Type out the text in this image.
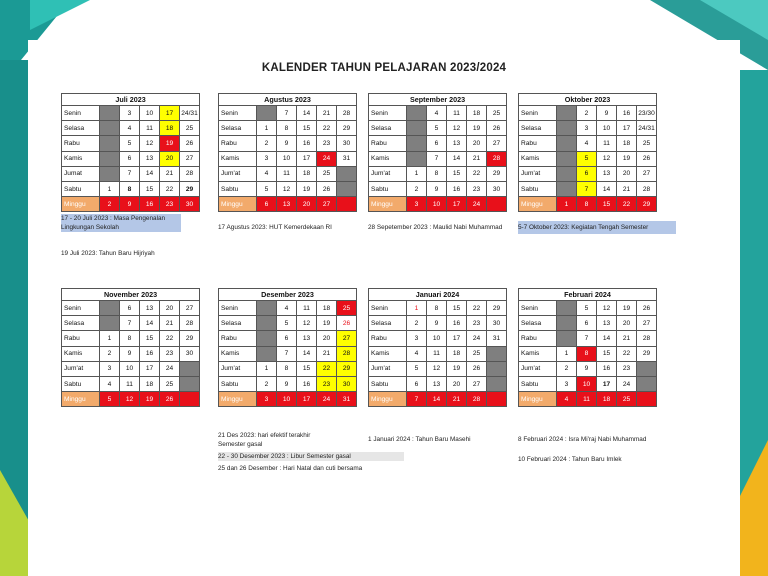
KALENDER TAHUN PELAJARAN 2023/2024
Juli 2023					
Senin		3	10	17	24/31
Selasa		4	11	18	25
Rabu		5	12	19	26
Kamis		6	13	20	27
Jumat		7	14	21	28
Sabtu	1	8	15	22	29
Minggu	2	9	16	23	30
Agustus 2023					
Senin		7	14	21	28
Selasa	1	8	15	22	29
Rabu	2	9	16	23	30
Kamis	3	10	17	24	31
Jum'at	4	11	18	25	
Sabtu	5	12	19	26	
Minggu	6	13	20	27	
September 2023					
Senin		4	11	18	25
Selasa		5	12	19	26
Rabu		6	13	20	27
Kamis		7	14	21	28
Jum'at	1	8	15	22	29
Sabtu	2	9	16	23	30
Minggu	3	10	17	24	
Oktober 2023					
Senin		2	9	16	23/30
Selasa		3	10	17	24/31
Rabu		4	11	18	25
Kamis		5	12	19	26
Jum'at		6	13	20	27
Sabtu		7	14	21	28
Minggu	1	8	15	22	29
November 2023					
Senin		6	13	20	27
Selasa		7	14	21	28
Rabu	1	8	15	22	29
Kamis	2	9	16	23	30
Jum'at	3	10	17	24	
Sabtu	4	11	18	25	
Minggu	5	12	19	26	
Desember 2023					
Senin		4	11	18	25
Selasa		5	12	19	26
Rabu		6	13	20	27
Kamis		7	14	21	28
Jum'at	1	8	15	22	29
Sabtu	2	9	16	23	30
Minggu	3	10	17	24	31
Januari 2024					
Senin	1	8	15	22	29
Selasa	2	9	16	23	30
Rabu	3	10	17	24	31
Kamis	4	11	18	25	
Jum'at	5	12	19	26	
Sabtu	6	13	20	27	
Minggu	7	14	21	28	
Februari 2024					
Senin		5	12	19	26
Selasa		6	13	20	27
Rabu		7	14	21	28
Kamis	1	8	15	22	29
Jum'at	2	9	16	23	
Sabtu	3	10	17	24	
Minggu	4	11	18	25	
17 - 20 Juli 2023 : Masa Pengenalan
Lingkungan Sekolah
19 Juli 2023: Tahun Baru Hijriyah
17 Agustus 2023: HUT Kemerdekaan RI	28 Sepetember 2023 : Maulid Nabi Muhammad	5-7 Oktober 2023: Kegiatan Tengah Semester
21 Des 2023: hari efektif terakhir
Semester gasal
22 - 30 Desember 2023 : Libur Semester gasal
25 dan 26 Desember : Hari Natal dan cuti bersama
1 Januari 2024 : Tahun Baru Masehi	8 Februari 2024 : Isra Mi'raj Nabi Muhammad
10 Februari 2024 : Tahun Baru Imlek
